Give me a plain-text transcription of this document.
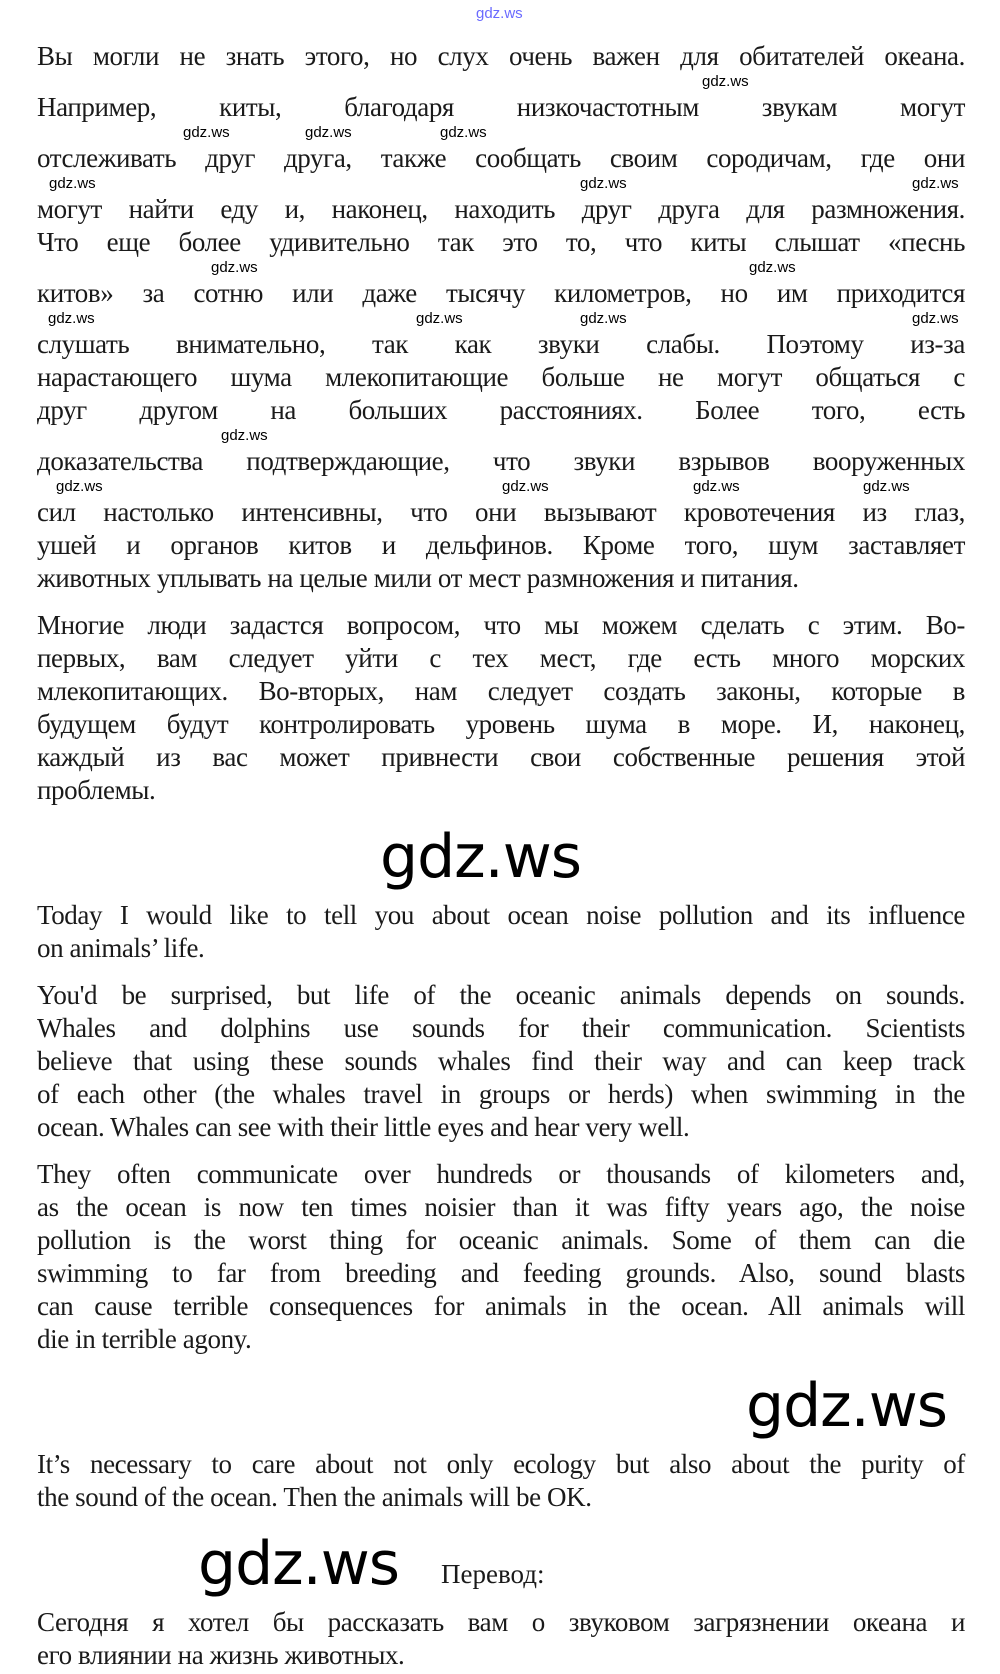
gdz.ws
Вы могли не знать этого, но слух очень важен для обитателей океана.
gdz.ws
Например, киты, благодаря низкочастотным звукам могут
gdz.ws	gdz.ws	gdz.ws
отслеживать друг друга, также сообщать своим сородичам, где они
gdz.ws	gdz.ws	gdz.ws
могут найти еду и, наконец, находить друг друга для размножения.
Что еще более удивительно так это то, что киты слышат «песнь
gdz.ws	gdz.ws
китов» за сотню или даже тысячу километров, но им приходится
gdz.ws	gdz.ws	gdz.ws	gdz.ws
слушать внимательно, так как звуки слабы. Поэтому из-за
нарастающего шума млекопитающие больше не могут общаться с
друг другом на больших расстояниях. Более того, есть
gdz.ws
доказательства подтверждающие, что звуки взрывов вооруженных
gdz.ws	gdz.ws	gdz.ws	gdz.ws
сил настолько интенсивны, что они вызывают кровотечения из глаз,
ушей и органов китов и дельфинов. Кроме того, шум заставляет
животных уплывать на целые мили от мест размножения и питания.
Многие люди задастся вопросом, что мы можем сделать с этим. Во-
первых, вам следует уйти с тех мест, где есть много морских
млекопитающих. Во-вторых, нам следует создать законы, которые в
будущем будут контролировать уровень шума в море. И, наконец,
каждый из вас может привнести свои собственные решения этой
проблемы.
gdz.ws
Today I would like to tell you about ocean noise pollution and its influence
on animals’ life.
You'd be surprised, but life of the oceanic animals depends on sounds.
Whales and dolphins use sounds for their communication. Scientists
believe that using these sounds whales find their way and can keep track
of each other (the whales travel in groups or herds) when swimming in the
ocean. Whales can see with their little eyes and hear very well.
They often communicate over hundreds or thousands of kilometers and,
as the ocean is now ten times noisier than it was fifty years ago, the noise
pollution is the worst thing for oceanic animals. Some of them can die
swimming to far from breeding and feeding grounds. Also, sound blasts
can cause terrible consequences for animals in the ocean. All animals will
die in terrible agony.
gdz.ws
It’s necessary to care about not only ecology but also about the purity of
the sound of the ocean. Then the animals will be OK.
gdz.ws Перевод:
Сегодня я хотел бы рассказать вам о звуковом загрязнении океана и
его влиянии на жизнь животных.
